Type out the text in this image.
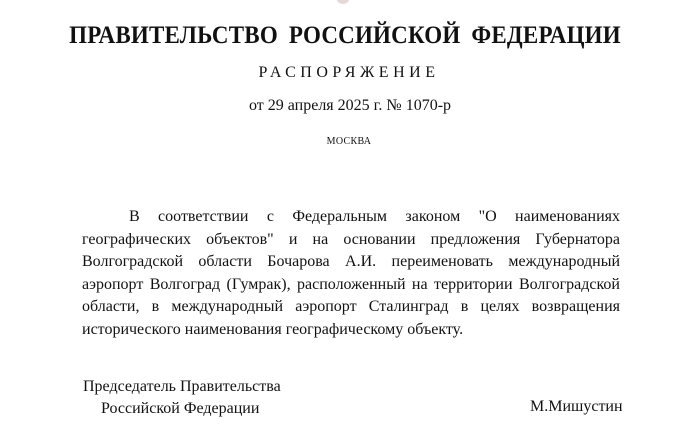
ПРАВИТЕЛЬСТВО РОССИЙСКОЙ ФЕДЕРАЦИИ
РАСПОРЯЖЕНИЕ
от 29 апреля 2025 г. № 1070-р
МОСКВА

В соответствии с Федеральным законом "О наименованиях географических объектов" и на основании предложения Губернатора Волгоградской области Бочарова А.И. переименовать международный аэропорт Волгоград (Гумрак), расположенный на территории Волгоградской области, в международный аэропорт Сталинград в целях возвращения исторического наименования географическому объекту.

Председатель Правительства
Российской Федерации	М.Мишустин
